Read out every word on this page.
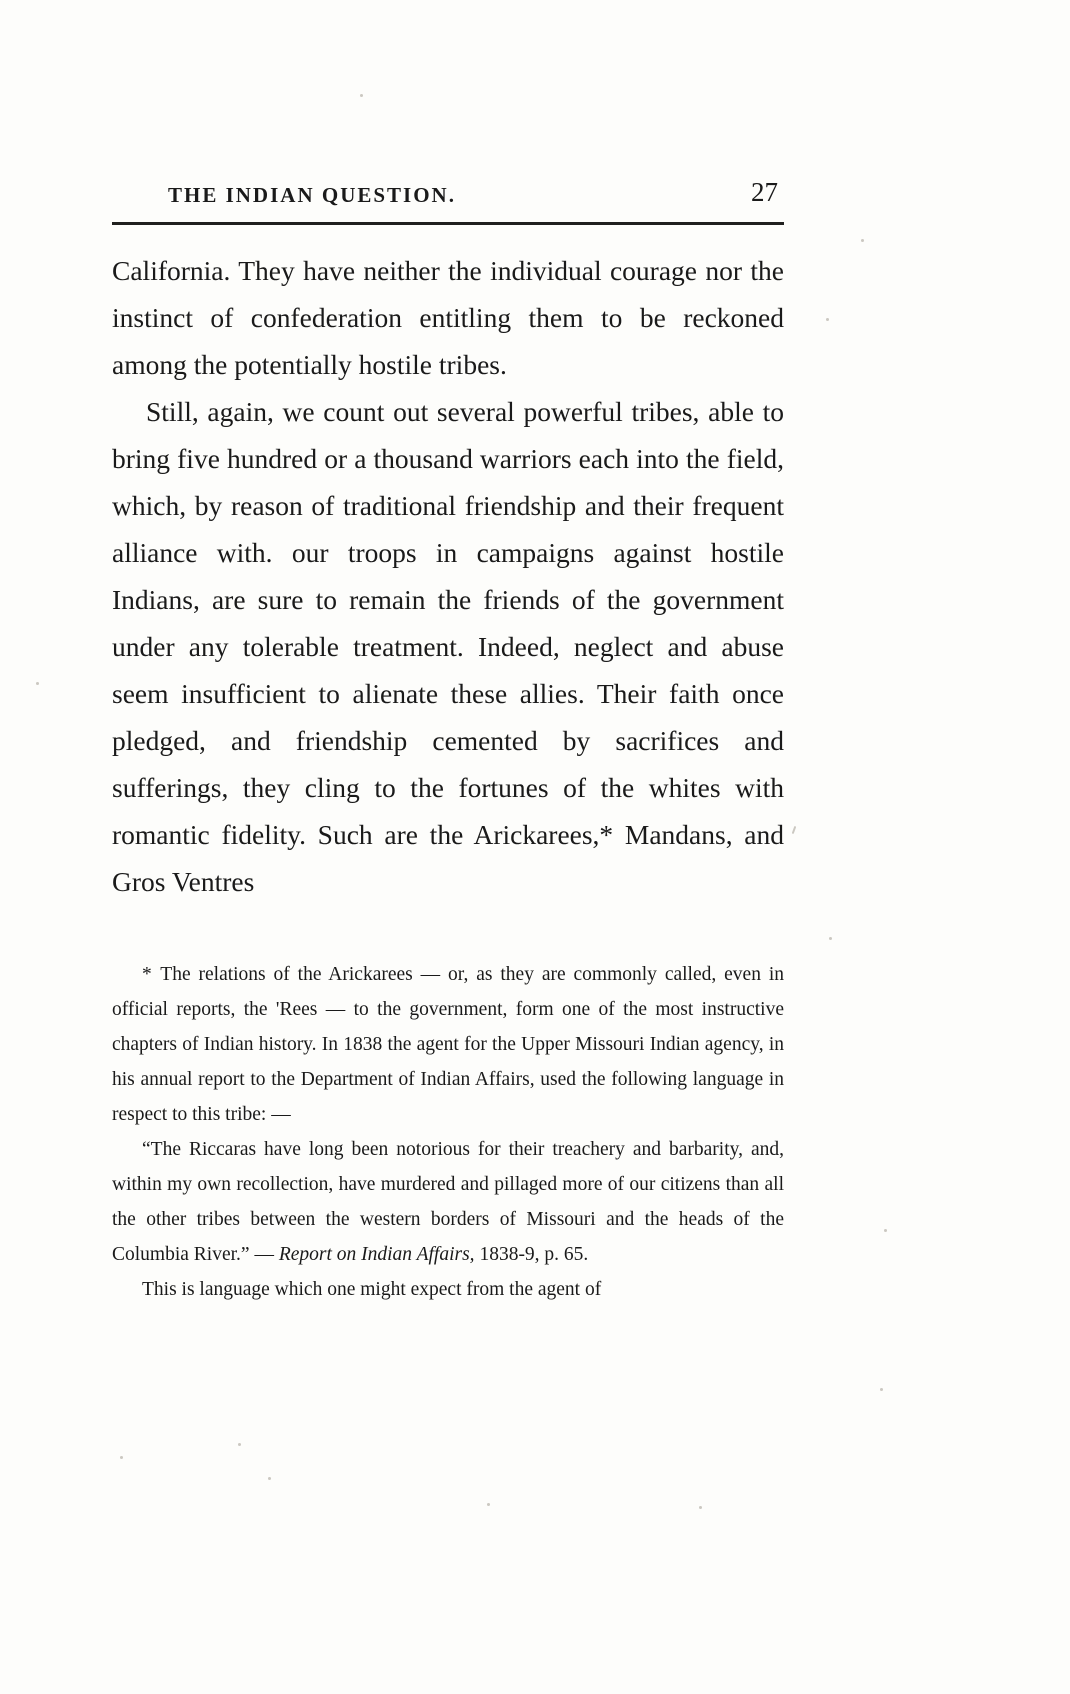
THE INDIAN QUESTION.	27

California. They have neither the individual courage nor the instinct of confederation entitling them to be reckoned among the potentially hostile tribes.

Still, again, we count out several powerful tribes, able to bring five hundred or a thousand warriors each into the field, which, by reason of traditional friendship and their frequent alliance with. our troops in campaigns against hostile Indians, are sure to remain the friends of the government under any tolerable treatment. Indeed, neglect and abuse seem insufficient to alienate these allies. Their faith once pledged, and friendship cemented by sacrifices and sufferings, they cling to the fortunes of the whites with romantic fidelity. Such are the Arickarees,* Mandans, and Gros Ventres

* The relations of the Arickarees — or, as they are commonly called, even in official reports, the 'Rees — to the government, form one of the most instructive chapters of Indian history. In 1838 the agent for the Upper Missouri Indian agency, in his annual report to the Department of Indian Affairs, used the following language in respect to this tribe: —

“The Riccaras have long been notorious for their treachery and barbarity, and, within my own recollection, have murdered and pillaged more of our citizens than all the other tribes between the western borders of Missouri and the heads of the Columbia River.” — Report on Indian Affairs, 1838-9, p. 65.

This is language which one might expect from the agent of
